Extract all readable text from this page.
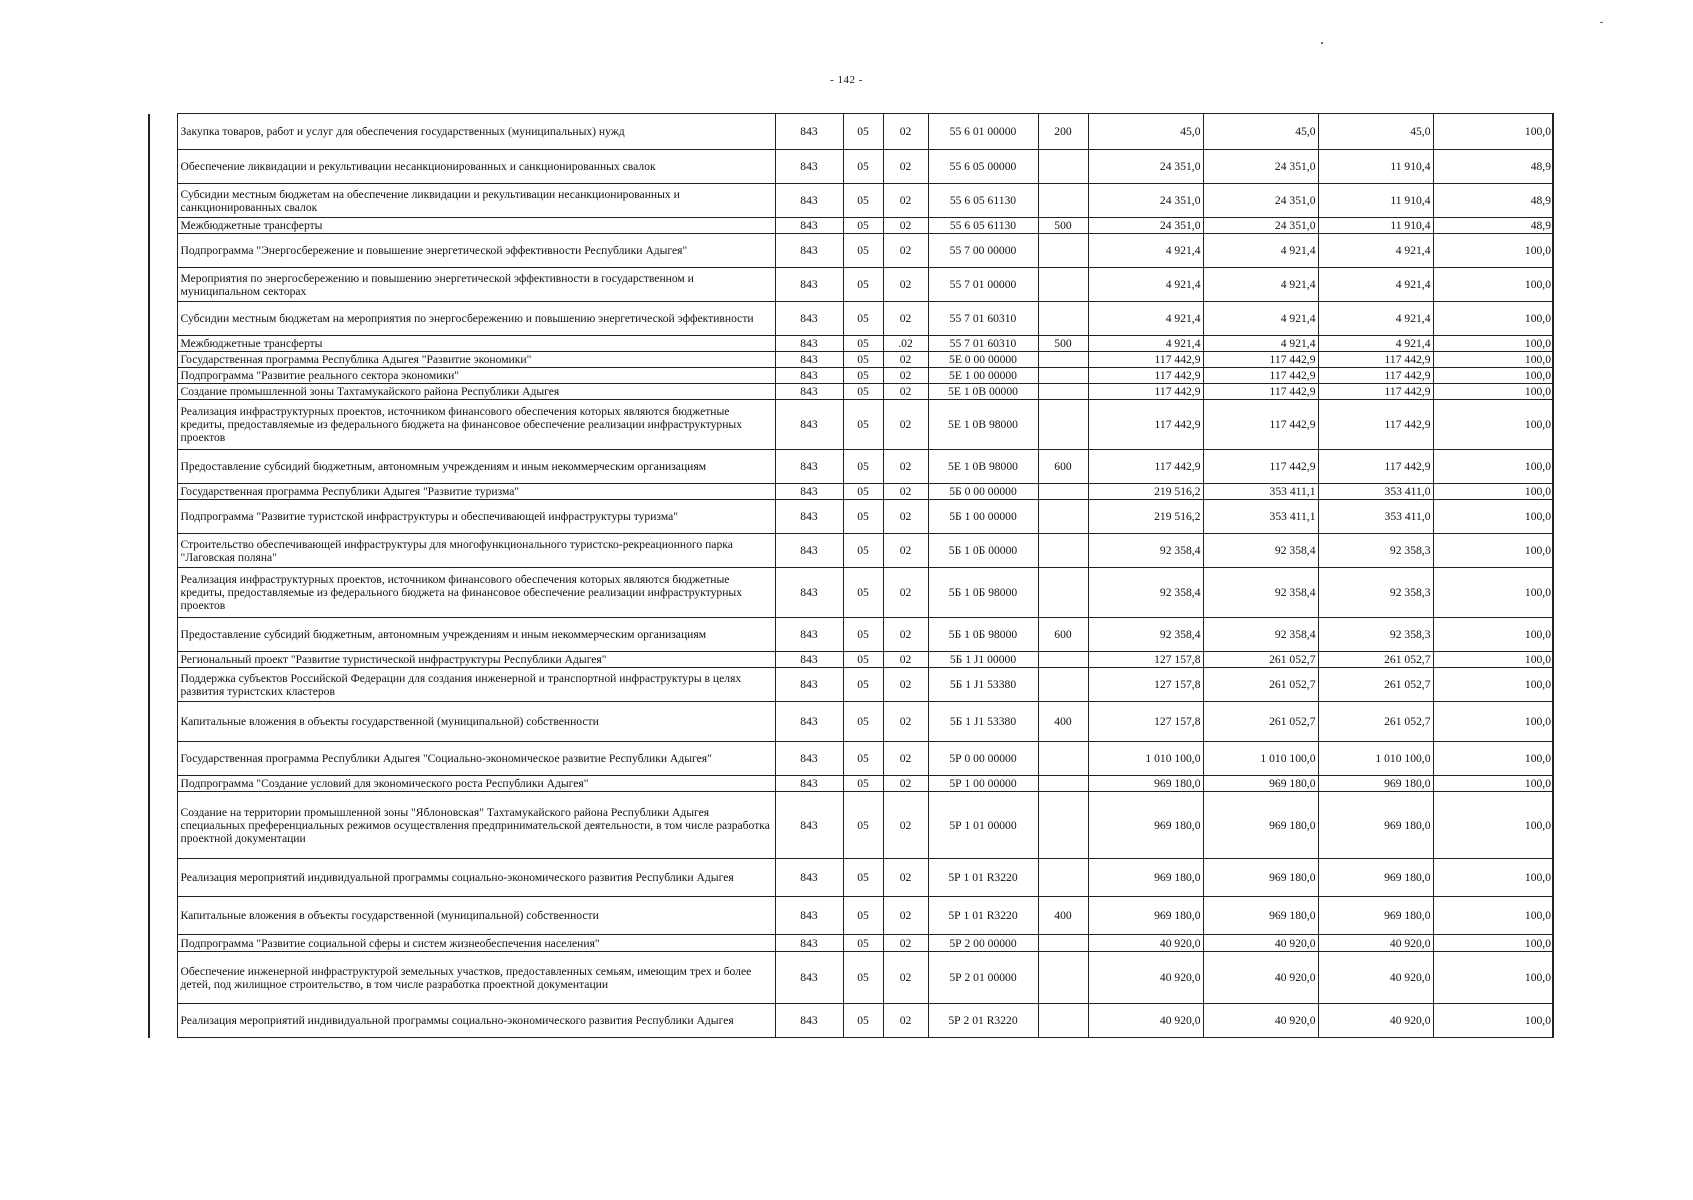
- 142 -
	Закупка товаров, работ и услуг для обеспечения государственных (муниципальных) нужд	843	05	02	55 6 01 00000	200	45,0	45,0	45,0	100,0
	Обеспечение ликвидации и рекультивации несанкционированных и санкционированных свалок	843	05	02	55 6 05 00000		24 351,0	24 351,0	11 910,4	48,9
	Субсидии местным бюджетам на обеспечение ликвидации и рекультивации несанкционированных и санкционированных свалок	843	05	02	55 6 05 61130		24 351,0	24 351,0	11 910,4	48,9
	Межбюджетные трансферты	843	05	02	55 6 05 61130	500	24 351,0	24 351,0	11 910,4	48,9
	Подпрограмма "Энергосбережение и повышение энергетической эффективности Республики Адыгея"	843	05	02	55 7 00 00000		4 921,4	4 921,4	4 921,4	100,0
	Мероприятия по энергосбережению и повышению энергетической эффективности в государственном и муниципальном секторах	843	05	02	55 7 01 00000		4 921,4	4 921,4	4 921,4	100,0
	Субсидии местным бюджетам на мероприятия по энергосбережению и повышению энергетической эффективности	843	05	02	55 7 01 60310		4 921,4	4 921,4	4 921,4	100,0
	Межбюджетные трансферты	843	05	.02	55 7 01 60310	500	4 921,4	4 921,4	4 921,4	100,0
	Государственная программа Республика Адыгея "Развитие экономики"	843	05	02	5Е 0 00 00000		117 442,9	117 442,9	117 442,9	100,0
	Подпрограмма "Развитие реального сектора экономики"	843	05	02	5Е 1 00 00000		117 442,9	117 442,9	117 442,9	100,0
	Создание промышленной зоны Тахтамукайского района Республики Адыгея	843	05	02	5Е 1 0В 00000		117 442,9	117 442,9	117 442,9	100,0
	Реализация инфраструктурных проектов, источником финансового обеспечения которых являются бюджетные кредиты, предоставляемые из федерального бюджета на финансовое обеспечение реализации инфраструктурных проектов	843	05	02	5Е 1 0В 98000		117 442,9	117 442,9	117 442,9	100,0
	Предоставление субсидий бюджетным, автономным учреждениям и иным некоммерческим организациям	843	05	02	5Е 1 0В 98000	600	117 442,9	117 442,9	117 442,9	100,0
	Государственная программа Республики Адыгея "Развитие туризма"	843	05	02	5Б 0 00 00000		219 516,2	353 411,1	353 411,0	100,0
	Подпрограмма "Развитие туристской инфраструктуры и обеспечивающей инфраструктуры туризма"	843	05	02	5Б 1 00 00000		219 516,2	353 411,1	353 411,0	100,0
	Строительство обеспечивающей инфраструктуры для многофункционального туристско-рекреационного парка "Лаговская поляна"	843	05	02	5Б 1 0Б 00000		92 358,4	92 358,4	92 358,3	100,0
	Реализация инфраструктурных проектов, источником финансового обеспечения которых являются бюджетные кредиты, предоставляемые из федерального бюджета на финансовое обеспечение реализации инфраструктурных проектов	843	05	02	5Б 1 0Б 98000		92 358,4	92 358,4	92 358,3	100,0
	Предоставление субсидий бюджетным, автономным учреждениям и иным некоммерческим организациям	843	05	02	5Б 1 0Б 98000	600	92 358,4	92 358,4	92 358,3	100,0
	Региональный проект "Развитие туристической инфраструктуры Республики Адыгея"	843	05	02	5Б 1 J1 00000		127 157,8	261 052,7	261 052,7	100,0
	Поддержка субъектов Российской Федерации для создания инженерной и транспортной инфраструктуры в целях развития туристских кластеров	843	05	02	5Б 1 J1 53380		127 157,8	261 052,7	261 052,7	100,0
	Капитальные вложения в объекты государственной (муниципальной) собственности	843	05	02	5Б 1 J1 53380	400	127 157,8	261 052,7	261 052,7	100,0
	Государственная программа Республики Адыгея "Социально-экономическое развитие Республики Адыгея"	843	05	02	5Р 0 00 00000		1 010 100,0	1 010 100,0	1 010 100,0	100,0
	Подпрограмма "Создание условий для экономического роста Республики Адыгея"	843	05	02	5Р 1 00 00000		969 180,0	969 180,0	969 180,0	100,0
	Создание на территории промышленной зоны "Яблоновская" Тахтамукайского района Республики Адыгея специальных преференциальных режимов осуществления предпринимательской деятельности, в том числе разработка проектной документации	843	05	02	5Р 1 01 00000		969 180,0	969 180,0	969 180,0	100,0
	Реализация мероприятий индивидуальной программы социально-экономического развития Республики Адыгея	843	05	02	5Р 1 01 R3220		969 180,0	969 180,0	969 180,0	100,0
	Капитальные вложения в объекты государственной (муниципальной) собственности	843	05	02	5Р 1 01 R3220	400	969 180,0	969 180,0	969 180,0	100,0
	Подпрограмма "Развитие социальной сферы и систем жизнеобеспечения населения"	843	05	02	5Р 2 00 00000		40 920,0	40 920,0	40 920,0	100,0
	Обеспечение инженерной инфраструктурой земельных участков, предоставленных семьям, имеющим трех и более детей, под жилищное строительство, в том числе разработка проектной документации	843	05	02	5Р 2 01 00000		40 920,0	40 920,0	40 920,0	100,0
	Реализация мероприятий индивидуальной программы социально-экономического развития Республики Адыгея	843	05	02	5Р 2 01 R3220		40 920,0	40 920,0	40 920,0	100,0
